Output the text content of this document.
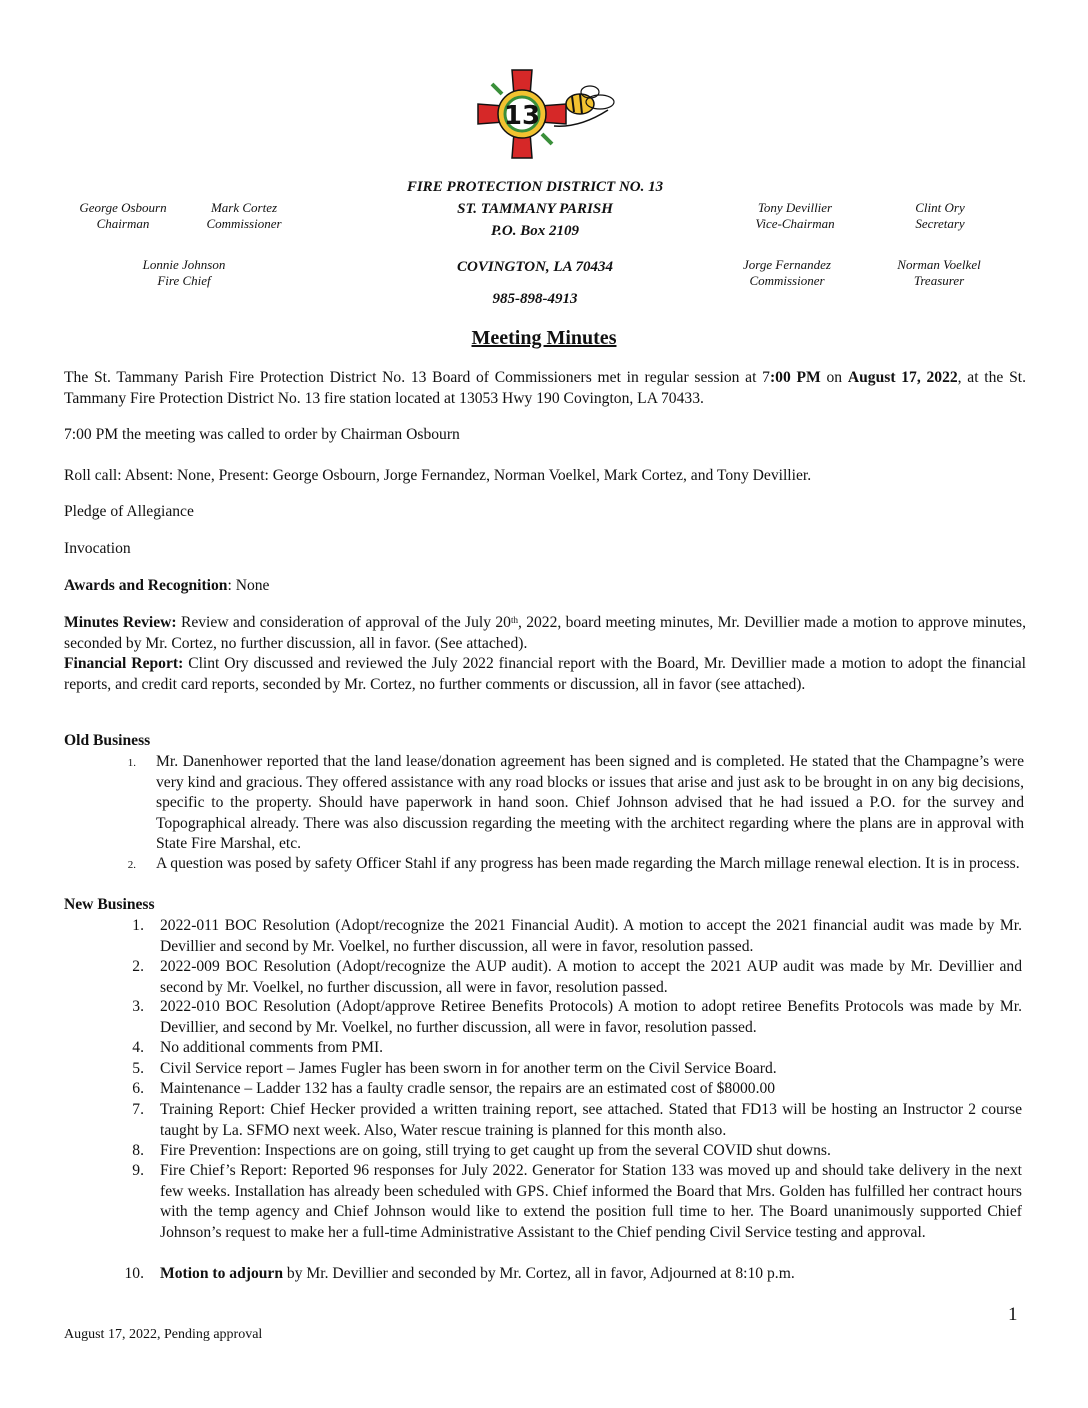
13
George Osbourn
Chairman
Mark Cortez
Commissioner
Lonnie Johnson
Fire Chief
Tony Devillier
Vice-Chairman
Clint Ory
Secretary
Jorge Fernandez
Commissioner
Norman Voelkel
Treasurer
FIRE PROTECTION DISTRICT NO. 13
ST. TAMMANY PARISH
P.O. Box 2109
COVINGTON, LA 70434
985-898-4913
Meeting Minutes
The St. Tammany Parish Fire Protection District No. 13 Board of Commissioners met in regular session at 7:00 PM on August 17, 2022, at the St. Tammany Fire Protection District No. 13 fire station located at 13053 Hwy 190 Covington, LA 70433.
7:00 PM the meeting was called to order by Chairman Osbourn
Roll call: Absent: None, Present: George Osbourn, Jorge Fernandez, Norman Voelkel, Mark Cortez, and Tony Devillier.
Pledge of Allegiance
Invocation
Awards and Recognition: None
Minutes Review: Review and consideration of approval of the July 20th, 2022, board meeting minutes, Mr. Devillier made a motion to approve minutes, seconded by Mr. Cortez, no further discussion, all in favor. (See attached).
Financial Report: Clint Ory discussed and reviewed the July 2022 financial report with the Board, Mr. Devillier made a motion to adopt the financial reports, and credit card reports, seconded by Mr. Cortez, no further comments or discussion, all in favor (see attached).
Old Business
1. Mr. Danenhower reported that the land lease/donation agreement has been signed and is completed. He stated that the Champagne’s were very kind and gracious. They offered assistance with any road blocks or issues that arise and just ask to be brought in on any big decisions, specific to the property. Should have paperwork in hand soon. Chief Johnson advised that he had issued a P.O. for the survey and Topographical already. There was also discussion regarding the meeting with the architect regarding where the plans are in approval with State Fire Marshal, etc.
2. A question was posed by safety Officer Stahl if any progress has been made regarding the March millage renewal election. It is in process.
New Business
1. 2022-011 BOC Resolution (Adopt/recognize the 2021 Financial Audit). A motion to accept the 2021 financial audit was made by Mr. Devillier and second by Mr. Voelkel, no further discussion, all were in favor, resolution passed.
2. 2022-009 BOC Resolution (Adopt/recognize the AUP audit). A motion to accept the 2021 AUP audit was made by Mr. Devillier and second by Mr. Voelkel, no further discussion, all were in favor, resolution passed.
3. 2022-010 BOC Resolution (Adopt/approve Retiree Benefits Protocols) A motion to adopt retiree Benefits Protocols was made by Mr. Devillier, and second by Mr. Voelkel, no further discussion, all were in favor, resolution passed.
4. No additional comments from PMI.
5. Civil Service report – James Fugler has been sworn in for another term on the Civil Service Board.
6. Maintenance – Ladder 132 has a faulty cradle sensor, the repairs are an estimated cost of $8000.00
7. Training Report: Chief Hecker provided a written training report, see attached. Stated that FD13 will be hosting an Instructor 2 course taught by La. SFMO next week. Also, Water rescue training is planned for this month also.
8. Fire Prevention: Inspections are on going, still trying to get caught up from the several COVID shut downs.
9. Fire Chief’s Report: Reported 96 responses for July 2022. Generator for Station 133 was moved up and should take delivery in the next few weeks. Installation has already been scheduled with GPS. Chief informed the Board that Mrs. Golden has fulfilled her contract hours with the temp agency and Chief Johnson would like to extend the position full time to her. The Board unanimously supported Chief Johnson’s request to make her a full-time Administrative Assistant to the Chief pending Civil Service testing and approval.
10. Motion to adjourn by Mr. Devillier and seconded by Mr. Cortez, all in favor, Adjourned at 8:10 p.m.
1
August 17, 2022, Pending approval
